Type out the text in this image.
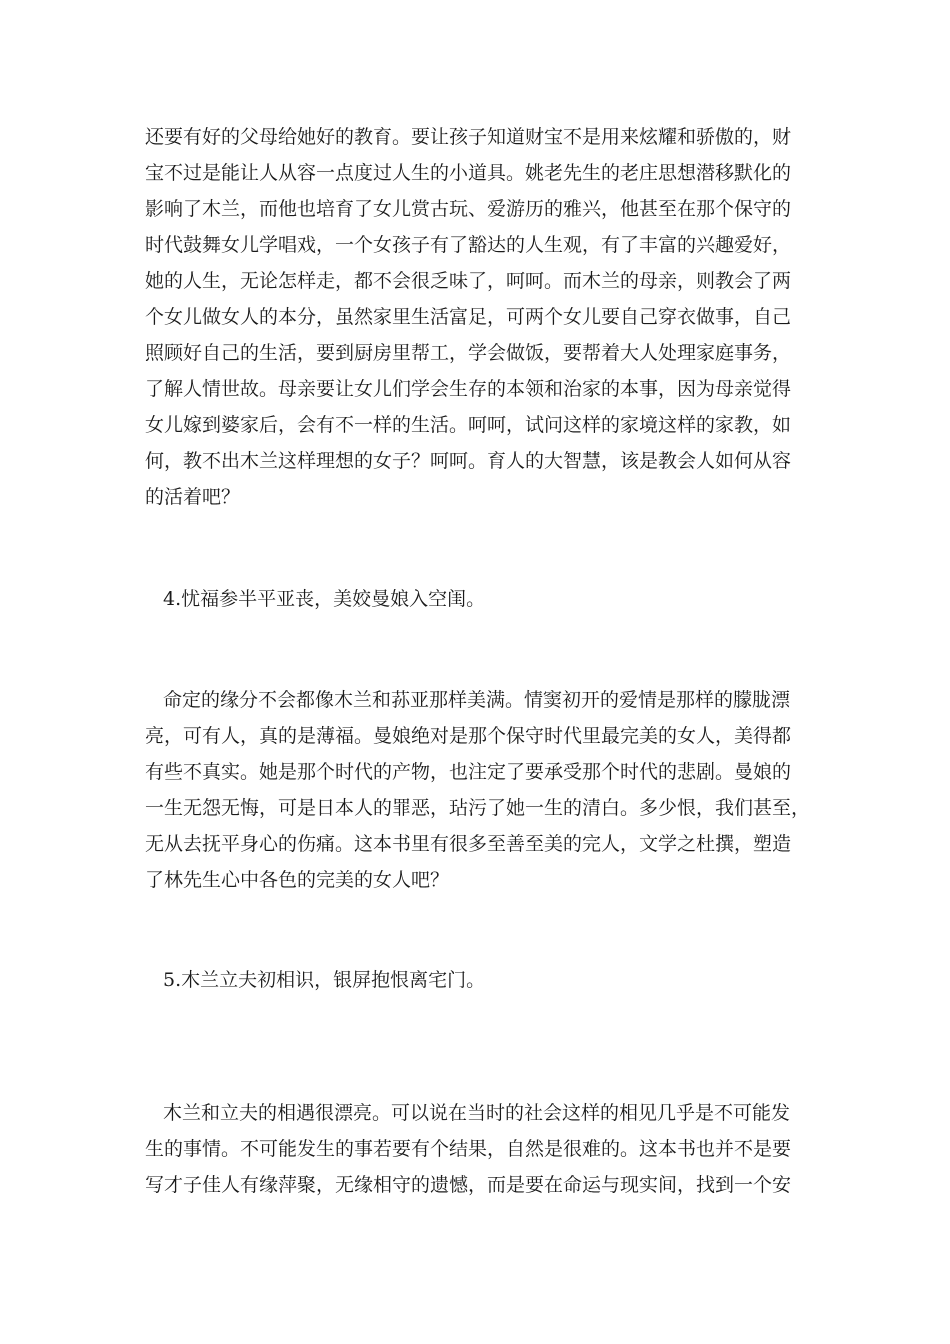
还要有好的父母给她好的教育。要让孩子知道财宝不是用来炫耀和骄傲的，财
宝不过是能让人从容一点度过人生的小道具。姚老先生的老庄思想潜移默化的
影响了木兰，而他也培育了女儿赏古玩、爱游历的雅兴，他甚至在那个保守的
时代鼓舞女儿学唱戏，一个女孩子有了豁达的人生观，有了丰富的兴趣爱好，
她的人生，无论怎样走，都不会很乏味了，呵呵。而木兰的母亲，则教会了两
个女儿做女人的本分，虽然家里生活富足，可两个女儿要自己穿衣做事，自己
照顾好自己的生活，要到厨房里帮工，学会做饭，要帮着大人处理家庭事务，
了解人情世故。母亲要让女儿们学会生存的本领和治家的本事，因为母亲觉得
女儿嫁到婆家后，会有不一样的生活。呵呵，试问这样的家境这样的家教，如
何，教不出木兰这样理想的女子？呵呵。育人的大智慧，该是教会人如何从容
的活着吧？
4.忧福参半平亚丧，美姣曼娘入空闺。
命定的缘分不会都像木兰和荪亚那样美满。情窦初开的爱情是那样的朦胧漂
亮，可有人，真的是薄福。曼娘绝对是那个保守时代里最完美的女人，美得都
有些不真实。她是那个时代的产物，也注定了要承受那个时代的悲剧。曼娘的
一生无怨无悔，可是日本人的罪恶，玷污了她一生的清白。多少恨，我们甚至，
无从去抚平身心的伤痛。这本书里有很多至善至美的完人，文学之杜撰，塑造
了林先生心中各色的完美的女人吧？
5.木兰立夫初相识，银屏抱恨离宅门。
木兰和立夫的相遇很漂亮。可以说在当时的社会这样的相见几乎是不可能发
生的事情。不可能发生的事若要有个结果，自然是很难的。这本书也并不是要
写才子佳人有缘萍聚，无缘相守的遗憾，而是要在命运与现实间，找到一个安
